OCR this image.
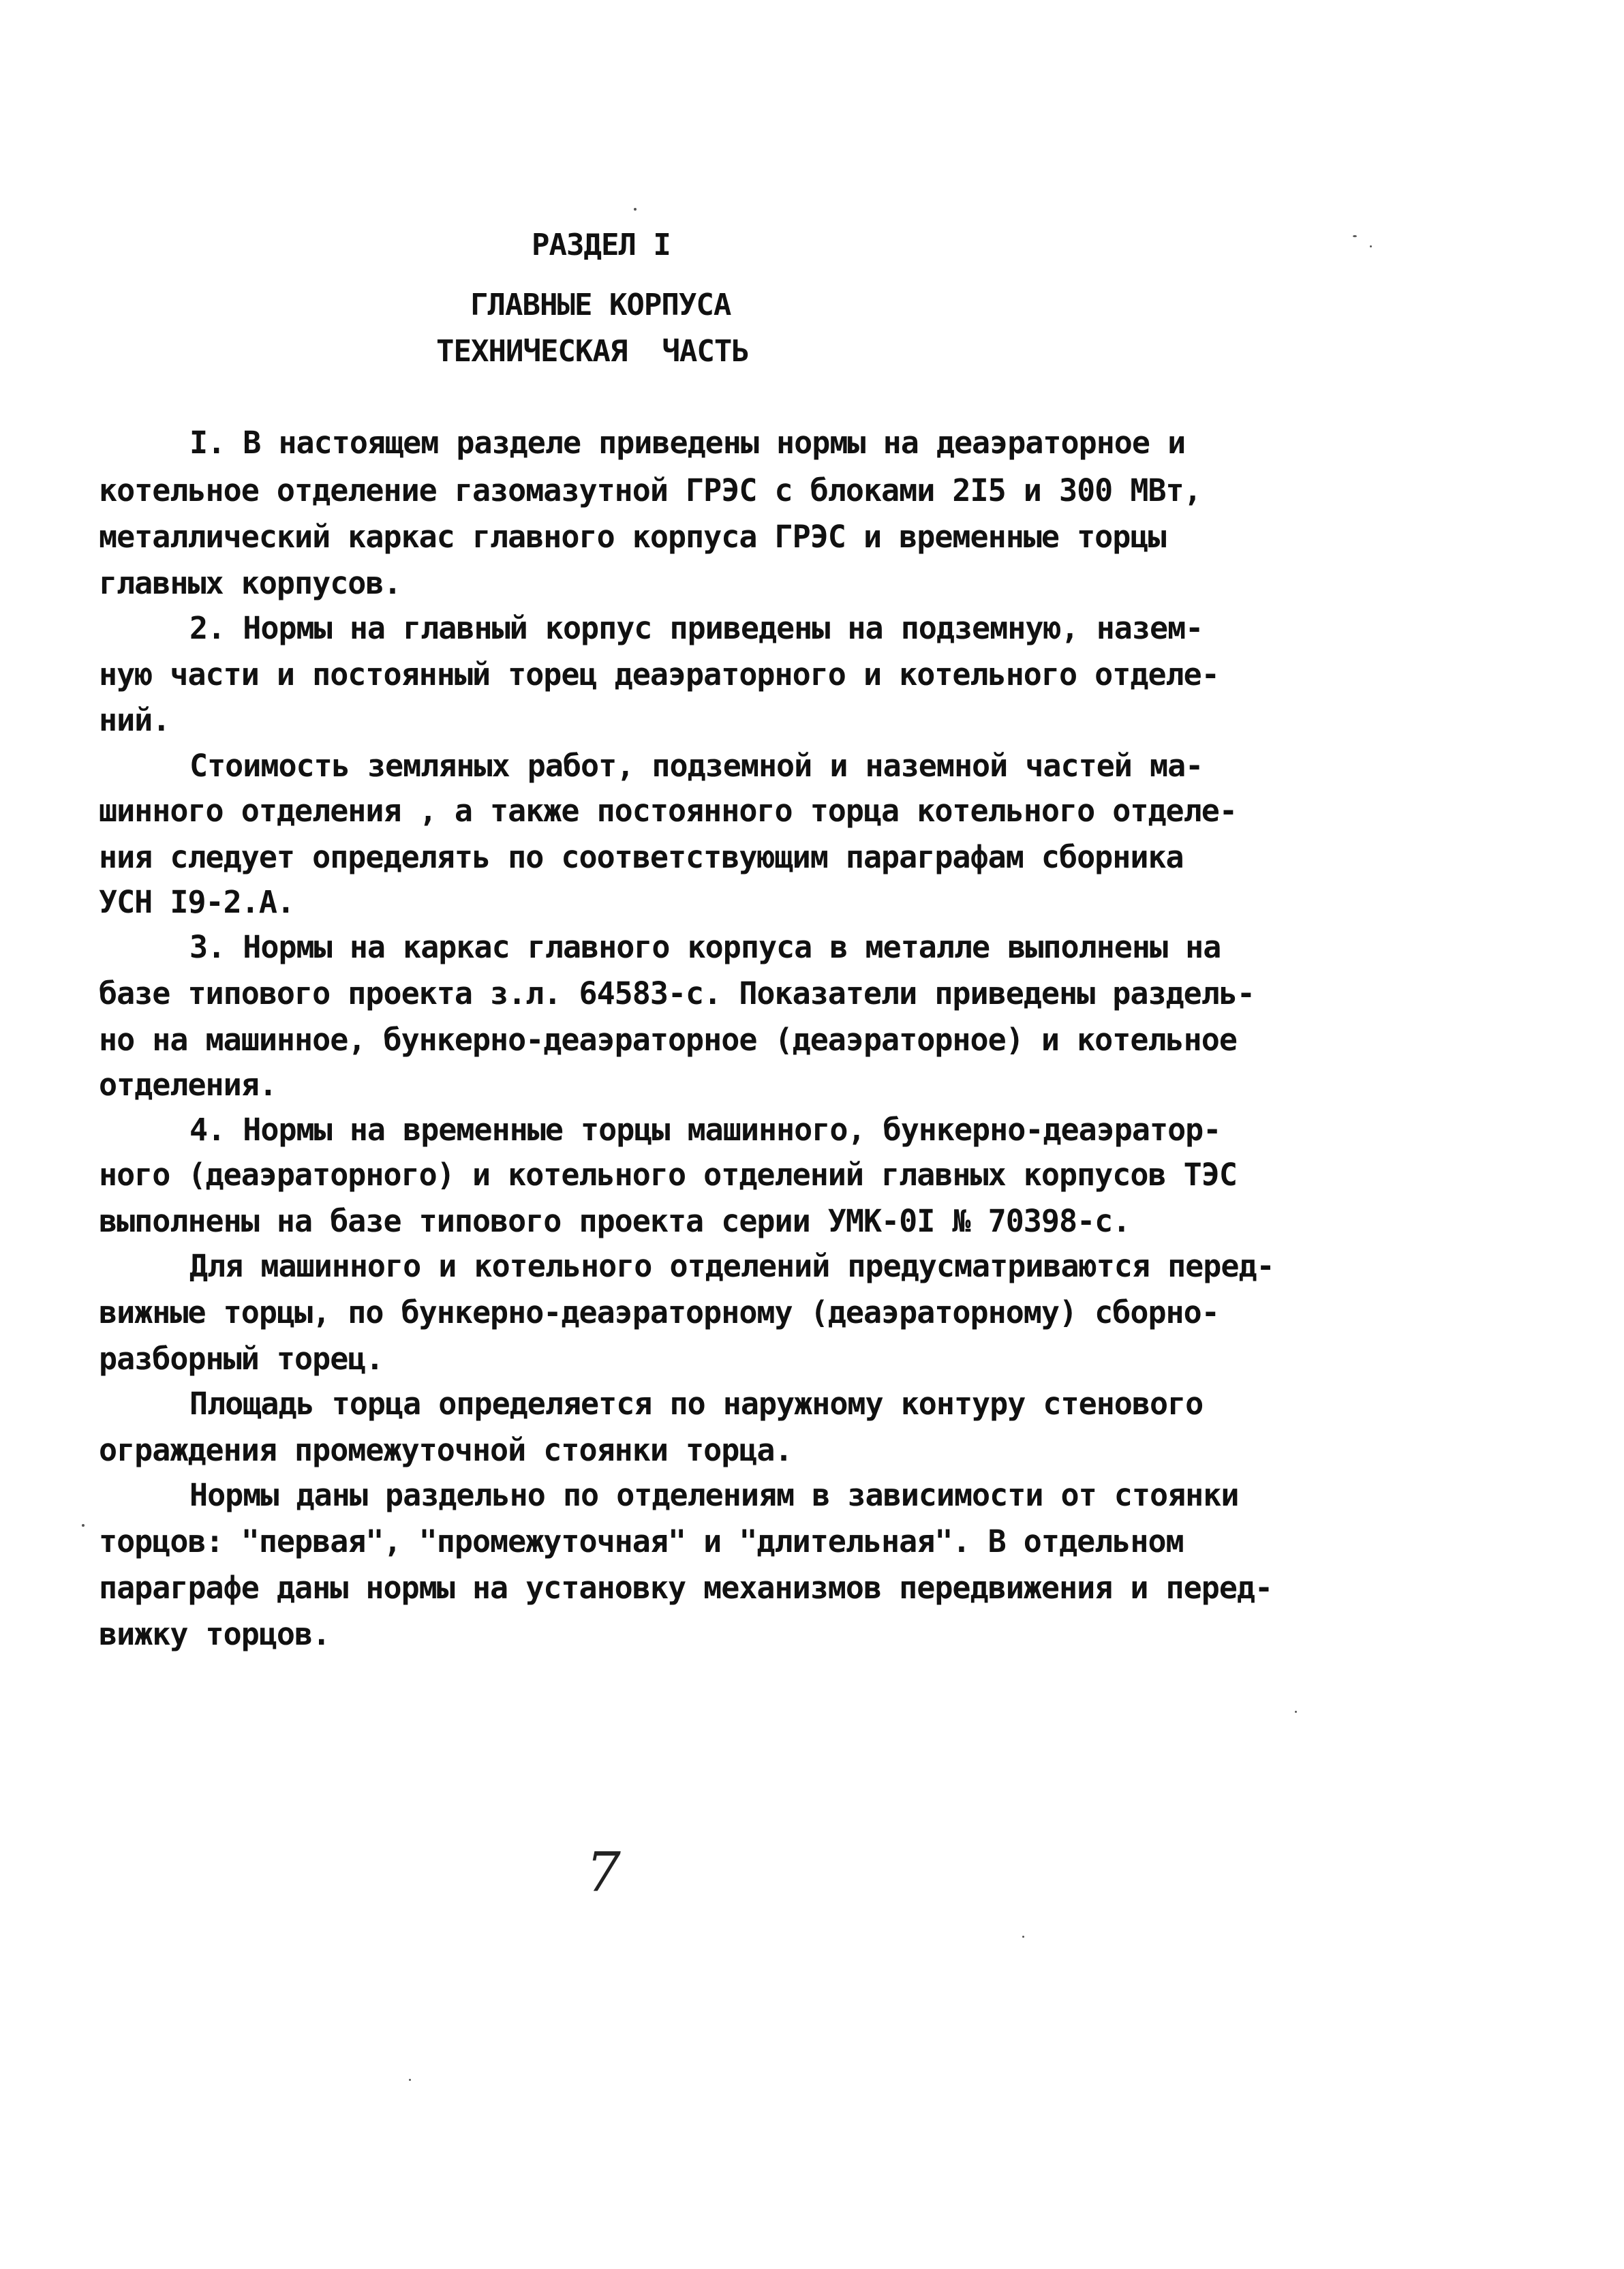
РАЗДЕЛ I
ГЛАВНЫЕ КОРПУСА
ТЕХНИЧЕСКАЯ  ЧАСТЬ
I. В настоящем разделе приведены нормы на деаэраторное и
котельное отделение газомазутной ГРЭС с блоками 2I5 и 300 МВт,
металлический каркас главного корпуса ГРЭС и временные торцы
главных корпусов.
2. Нормы на главный корпус приведены на подземную, назем-
ную части и постоянный торец деаэраторного и котельного отделе-
ний.
Стоимость земляных работ, подземной и наземной частей ма-
шинного отделения , а также постоянного торца котельного отделе-
ния следует определять по соответствующим параграфам сборника
УСН I9-2.А.
3. Нормы на каркас главного корпуса в металле выполнены на
базе типового проекта з.л. 64583-с. Показатели приведены раздель-
но на машинное, бункерно-деаэраторное (деаэраторное) и котельное
отделения.
4. Нормы на временные торцы машинного, бункерно-деаэратор-
ного (деаэраторного) и котельного отделений главных корпусов ТЭС
выполнены на базе типового проекта серии УМК-0I № 70398-с.
Для машинного и котельного отделений предусматриваются перед-
вижные торцы, по бункерно-деаэраторному (деаэраторному) сборно-
разборный торец.
Площадь торца определяется по наружному контуру стенового
ограждения промежуточной стоянки торца.
Нормы даны раздельно по отделениям в зависимости от стоянки
торцов: "первая", "промежуточная" и "длительная". В отдельном
параграфе даны нормы на установку механизмов передвижения и перед-
вижку торцов.
7
